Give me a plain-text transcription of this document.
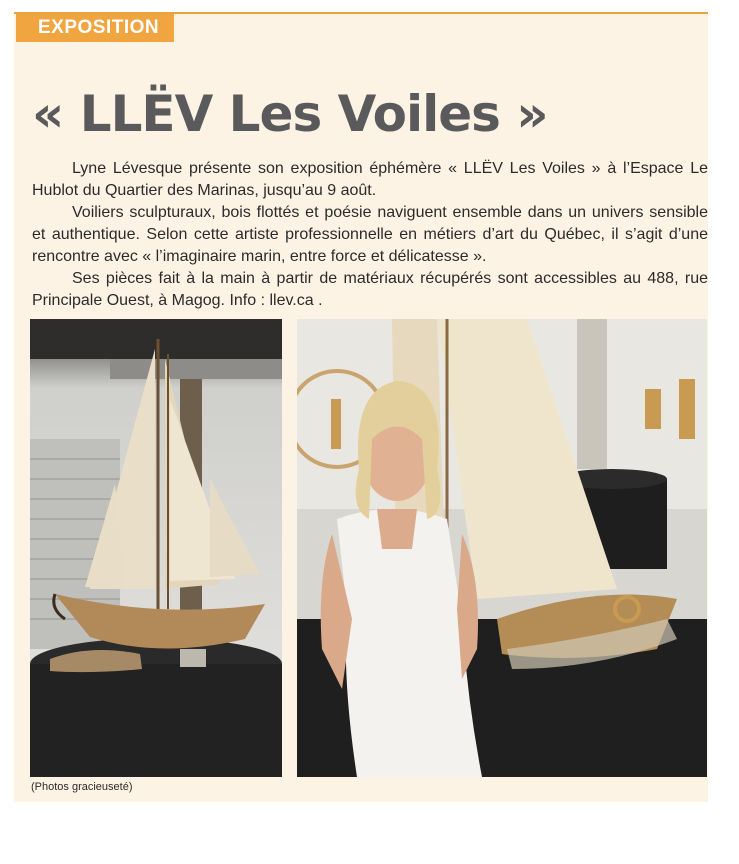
EXPOSITION
« LLËV Les Voiles »

Lyne Lévesque présente son exposition éphémère « LLËV Les Voiles » à l’Espace Le Hublot du Quartier des Marinas, jusqu’au 9 août.

Voiliers sculpturaux, bois flottés et poésie naviguent ensemble dans un univers sensible et authentique. Selon cette artiste professionnelle en métiers d’art du Québec, il s’agit d’une rencontre avec « l’imaginaire marin, entre force et délicatesse ».

Ses pièces fait à la main à partir de matériaux récupérés sont accessibles au 488, rue Principale Ouest, à Magog. Info : llev.ca .

(Photos gracieuseté)
